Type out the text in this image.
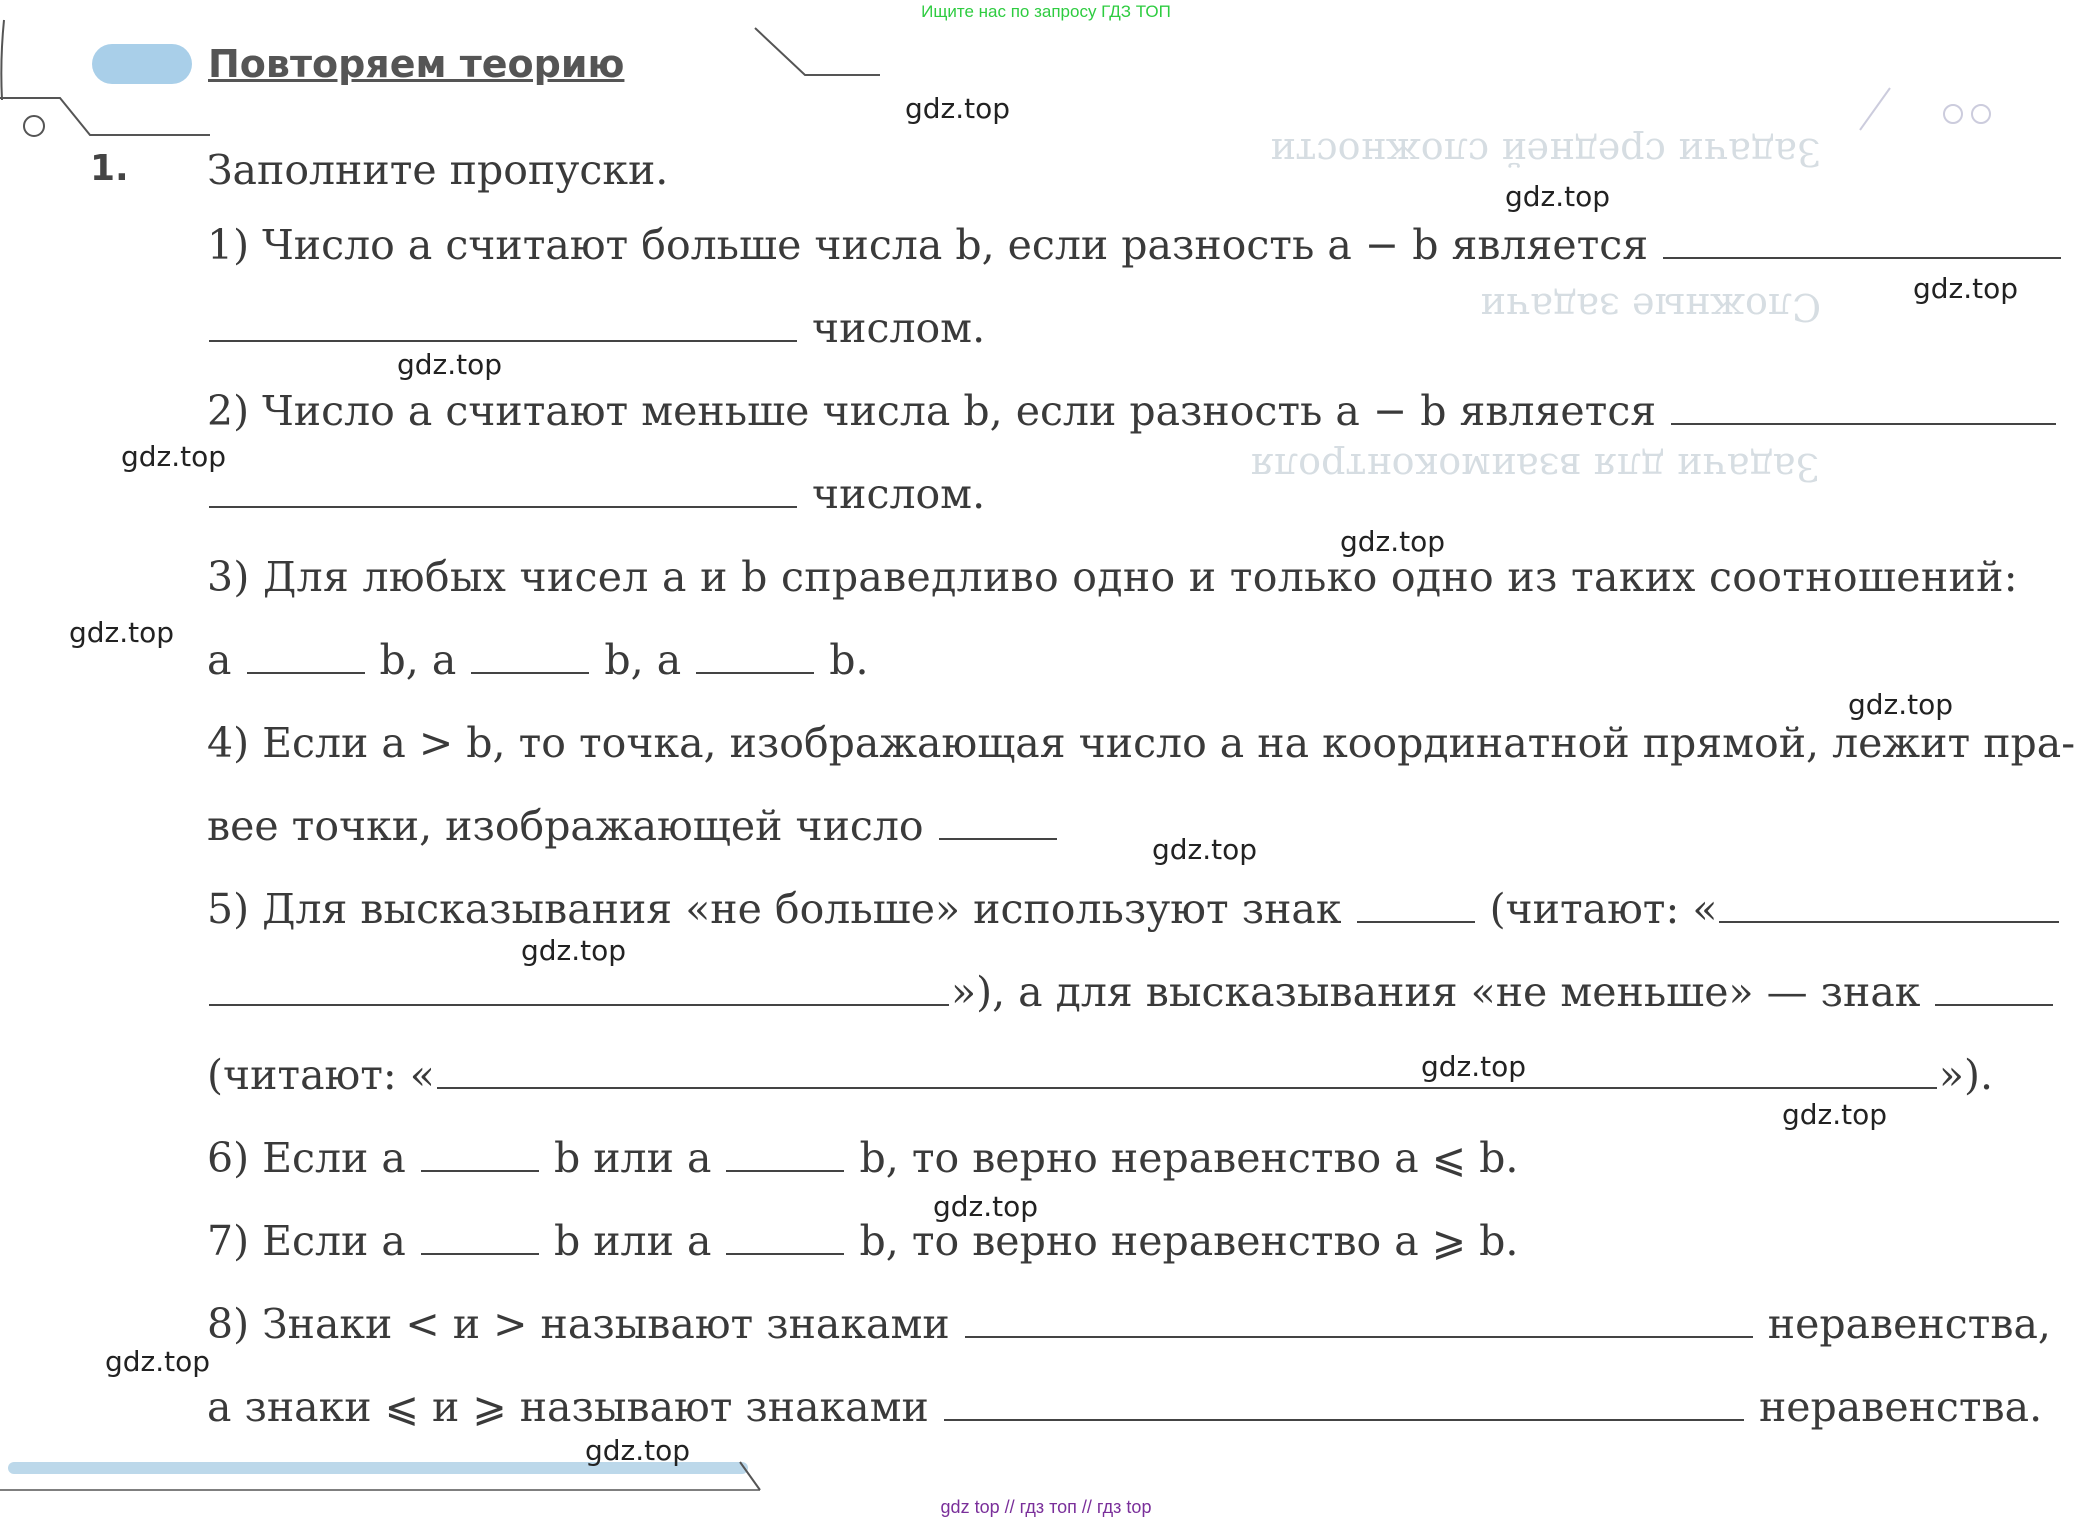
Задачи средней сложности
Сложные задачи
Задачи для взаимоконтроля
Ищите нас по запросу ГДЗ ТОП
Повторяем теорию
1. Заполните пропуски.
1) Число a считают больше числа b, если разность a − b является
числом.
2) Число a считают меньше числа b, если разность a − b является
числом.
3) Для любых чисел a и b справедливо одно и только одно из таких соотношений:
a	b, a	b, a	b.
4) Если a > b, то точка, изображающая число a на координатной прямой, лежит пра-
вее точки, изображающей число
5) Для высказывания «не больше» используют знак	(читают: «
»), а для высказывания «не меньше» — знак
(читают: «	»).
6) Если a	b или a	b, то верно неравенство a ⩽ b.
7) Если a	b или a	b, то верно неравенство a ⩾ b.
8) Знаки < и > называют знаками	неравенства,
а знаки ⩽ и ⩾ называют знаками	неравенства.
gdz.top
gdz.top
gdz.top
gdz.top
gdz.top
gdz.top
gdz.top
gdz.top
gdz.top
gdz.top
gdz.top
gdz.top
gdz.top
gdz.top
gdz.top
gdz top // гдз топ // гдз top
